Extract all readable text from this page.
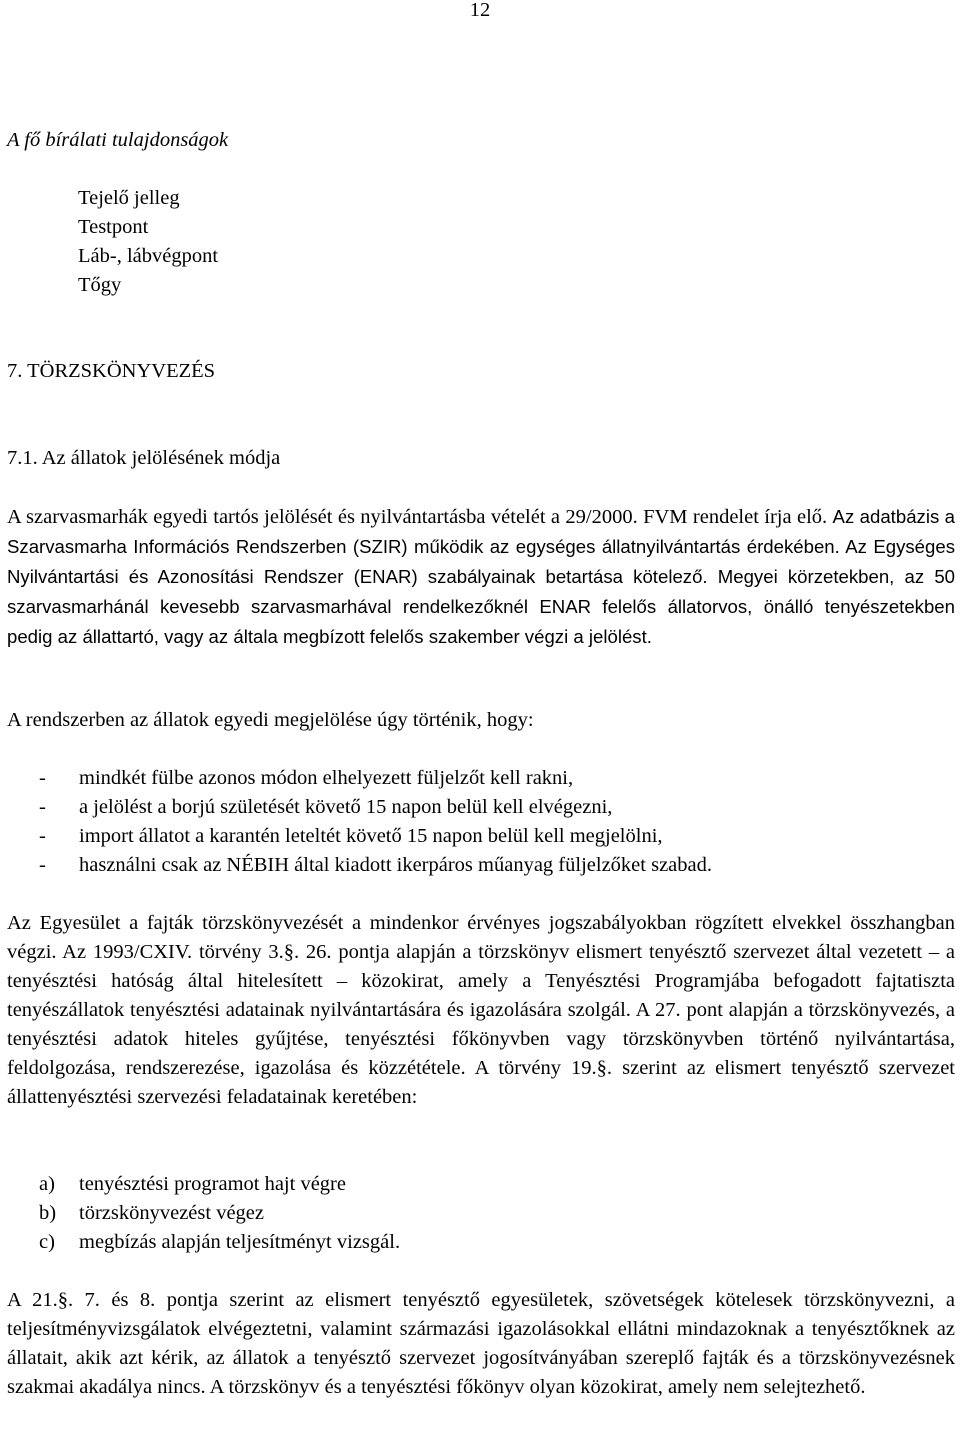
12
A fő bírálati tulajdonságok
Tejelő jelleg
Testpont
Láb-, lábvégpont
Tőgy
7. TÖRZSKÖNYVEZÉS
7.1. Az állatok jelölésének módja
A szarvasmarhák egyedi tartós jelölését és nyilvántartásba vételét a 29/2000. FVM rendelet írja elő. Az adatbázis a Szarvasmarha Információs Rendszerben (SZIR) működik az egységes állatnyilvántartás érdekében. Az Egységes Nyilvántartási és Azonosítási Rendszer (ENAR) szabályainak betartása kötelező. Megyei körzetekben, az 50 szarvasmarhánál kevesebb szarvasmarhával rendelkezőknél ENAR felelős állatorvos, önálló tenyészetekben pedig az állattartó, vagy az általa megbízott felelős szakember végzi a jelölést.
A rendszerben az állatok egyedi megjelölése úgy történik, hogy:
- mindkét fülbe azonos módon elhelyezett füljelzőt kell rakni,
- a jelölést a borjú születését követő 15 napon belül kell elvégezni,
- import állatot a karantén leteltét követő 15 napon belül kell megjelölni,
- használni csak az NÉBIH által kiadott ikerpáros műanyag füljelzőket szabad.
Az Egyesület a fajták törzskönyvezését a mindenkor érvényes jogszabályokban rögzített elvekkel összhangban végzi. Az 1993/CXIV. törvény 3.§. 26. pontja alapján a törzskönyv elismert tenyésztő szervezet által vezetett – a tenyésztési hatóság által hitelesített – közokirat, amely a Tenyésztési Programjába befogadott fajtatiszta tenyészállatok tenyésztési adatainak nyilvántartására és igazolására szolgál. A 27. pont alapján a törzskönyvezés, a tenyésztési adatok hiteles gyűjtése, tenyésztési főkönyvben vagy törzskönyvben történő nyilvántartása, feldolgozása, rendszerezése, igazolása és közzététele. A törvény 19.§. szerint az elismert tenyésztő szervezet állattenyésztési szervezési feladatainak keretében:
a) tenyésztési programot hajt végre
b) törzskönyvezést végez
c) megbízás alapján teljesítményt vizsgál.
A 21.§. 7. és 8. pontja szerint az elismert tenyésztő egyesületek, szövetségek kötelesek törzskönyvezni, a teljesítményvizsgálatok elvégeztetni, valamint származási igazolásokkal ellátni mindazoknak a tenyésztőknek az állatait, akik azt kérik, az állatok a tenyésztő szervezet jogosítványában szereplő fajták és a törzskönyvezésnek szakmai akadálya nincs. A törzskönyv és a tenyésztési főkönyv olyan közokirat, amely nem selejtezhető.
